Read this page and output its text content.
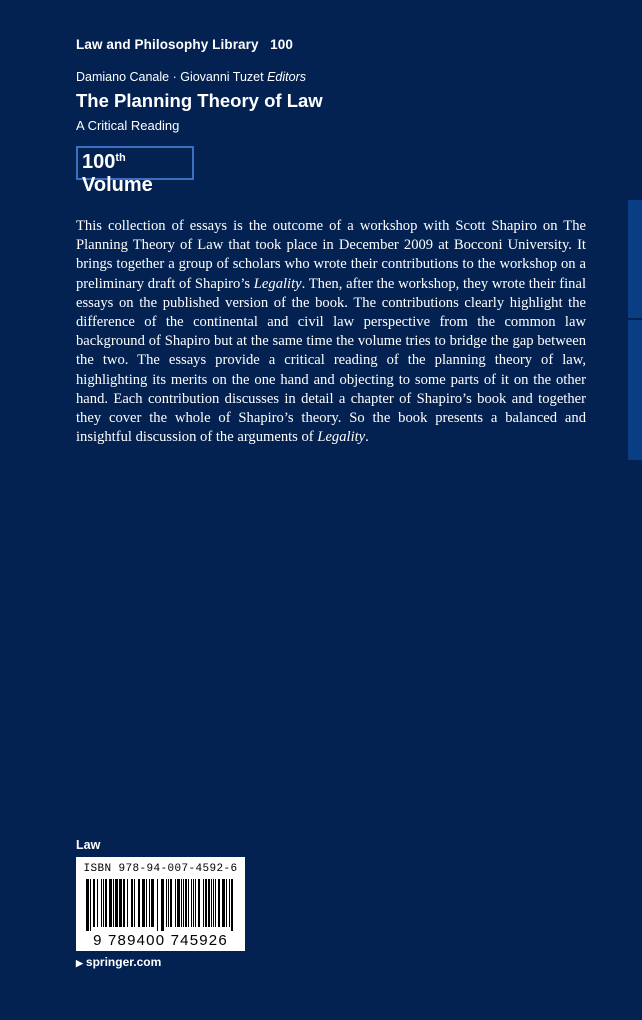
Law and Philosophy Library   100
Damiano Canale · Giovanni Tuzet Editors
The Planning Theory of Law
A Critical Reading
100th Volume
This collection of essays is the outcome of a workshop with Scott Shapiro on The Planning Theory of Law that took place in December 2009 at Bocconi University. It brings together a group of scholars who wrote their contributions to the workshop on a preliminary draft of Shapiro’s Legality. Then, after the workshop, they wrote their final essays on the published version of the book. The contributions clearly highlight the difference of the continental and civil law perspective from the common law background of Shapiro but at the same time the volume tries to bridge the gap between the two. The essays provide a critical reading of the planning theory of law, highlighting its merits on the one hand and objecting to some parts of it on the other hand. Each contribution discusses in detail a chapter of Shapiro’s book and together they cover the whole of Shapiro’s theory. So the book presents a balanced and insightful discussion of the arguments of Legality.
Law
ISBN 978-94-007-4592-6
9 789400 745926
▶ springer.com
